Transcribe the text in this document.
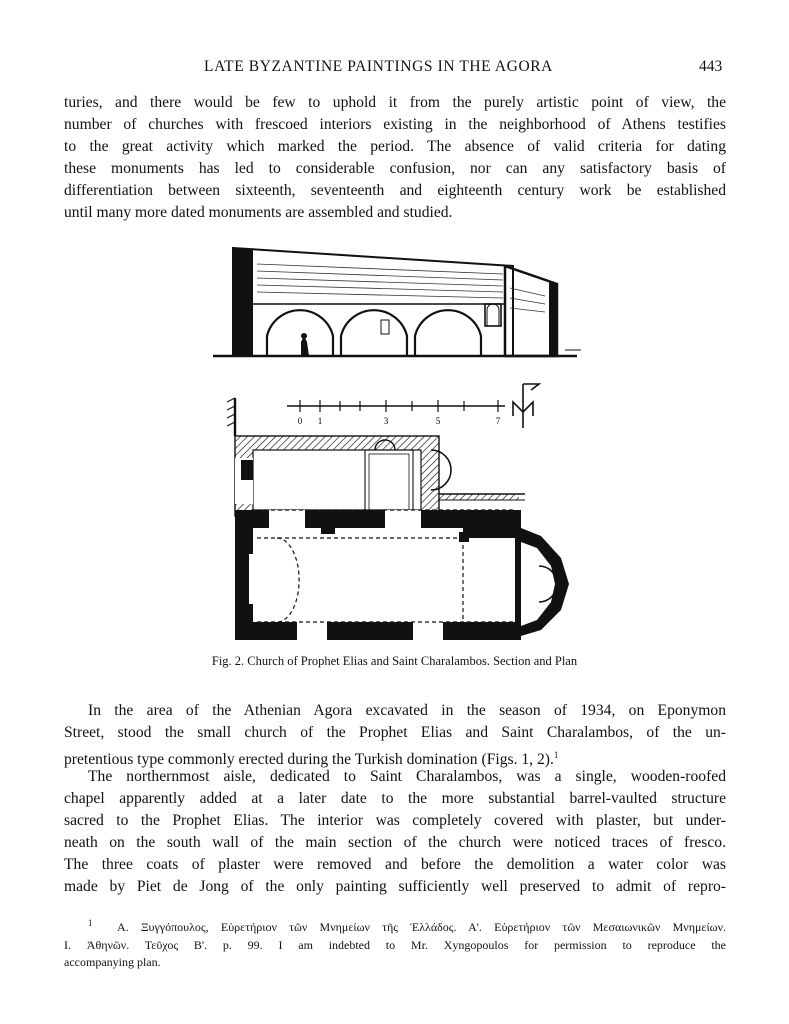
LATE BYZANTINE PAINTINGS IN THE AGORA	443
turies, and there would be few to uphold it from the purely artistic point of view, the
number of churches with frescoed interiors existing in the neighborhood of Athens testifies
to the great activity which marked the period. The absence of valid criteria for dating
these monuments has led to considerable confusion, nor can any satisfactory basis of
differentiation between sixteenth, seventeenth and eighteenth century work be established
until many more dated monuments are assembled and studied.
0 1	3	5	7
Fig. 2. Church of Prophet Elias and Saint Charalambos. Section and Plan
In the area of the Athenian Agora excavated in the season of 1934, on Eponymon
Street, stood the small church of the Prophet Elias and Saint Charalambos, of the un-
pretentious type commonly erected during the Turkish domination (Figs. 1, 2).$^1$
The northernmost aisle, dedicated to Saint Charalambos, was a single, wooden-roofed
chapel apparently added at a later date to the more substantial barrel-vaulted structure
sacred to the Prophet Elias. The interior was completely covered with plaster, but under-
neath on the south wall of the main section of the church were noticed traces of fresco.
The three coats of plaster were removed and before the demolition a water color was
made by Piet de Jong of the only painting sufficiently well preserved to admit of repro-
$^1$ Α. Ξυγγόπουλος, Εὑρετήριον τῶν Μνημείων τῆς Ἑλλάδος. Α'. Εὑρετήριον τῶν Μεσαιωνικῶν Μνημείων.
I. Ἀθηνῶν. Τεῦχος Β'. p. 99. I am indebted to Mr. Xyngopoulos for permission to reproduce the
accompanying plan.
